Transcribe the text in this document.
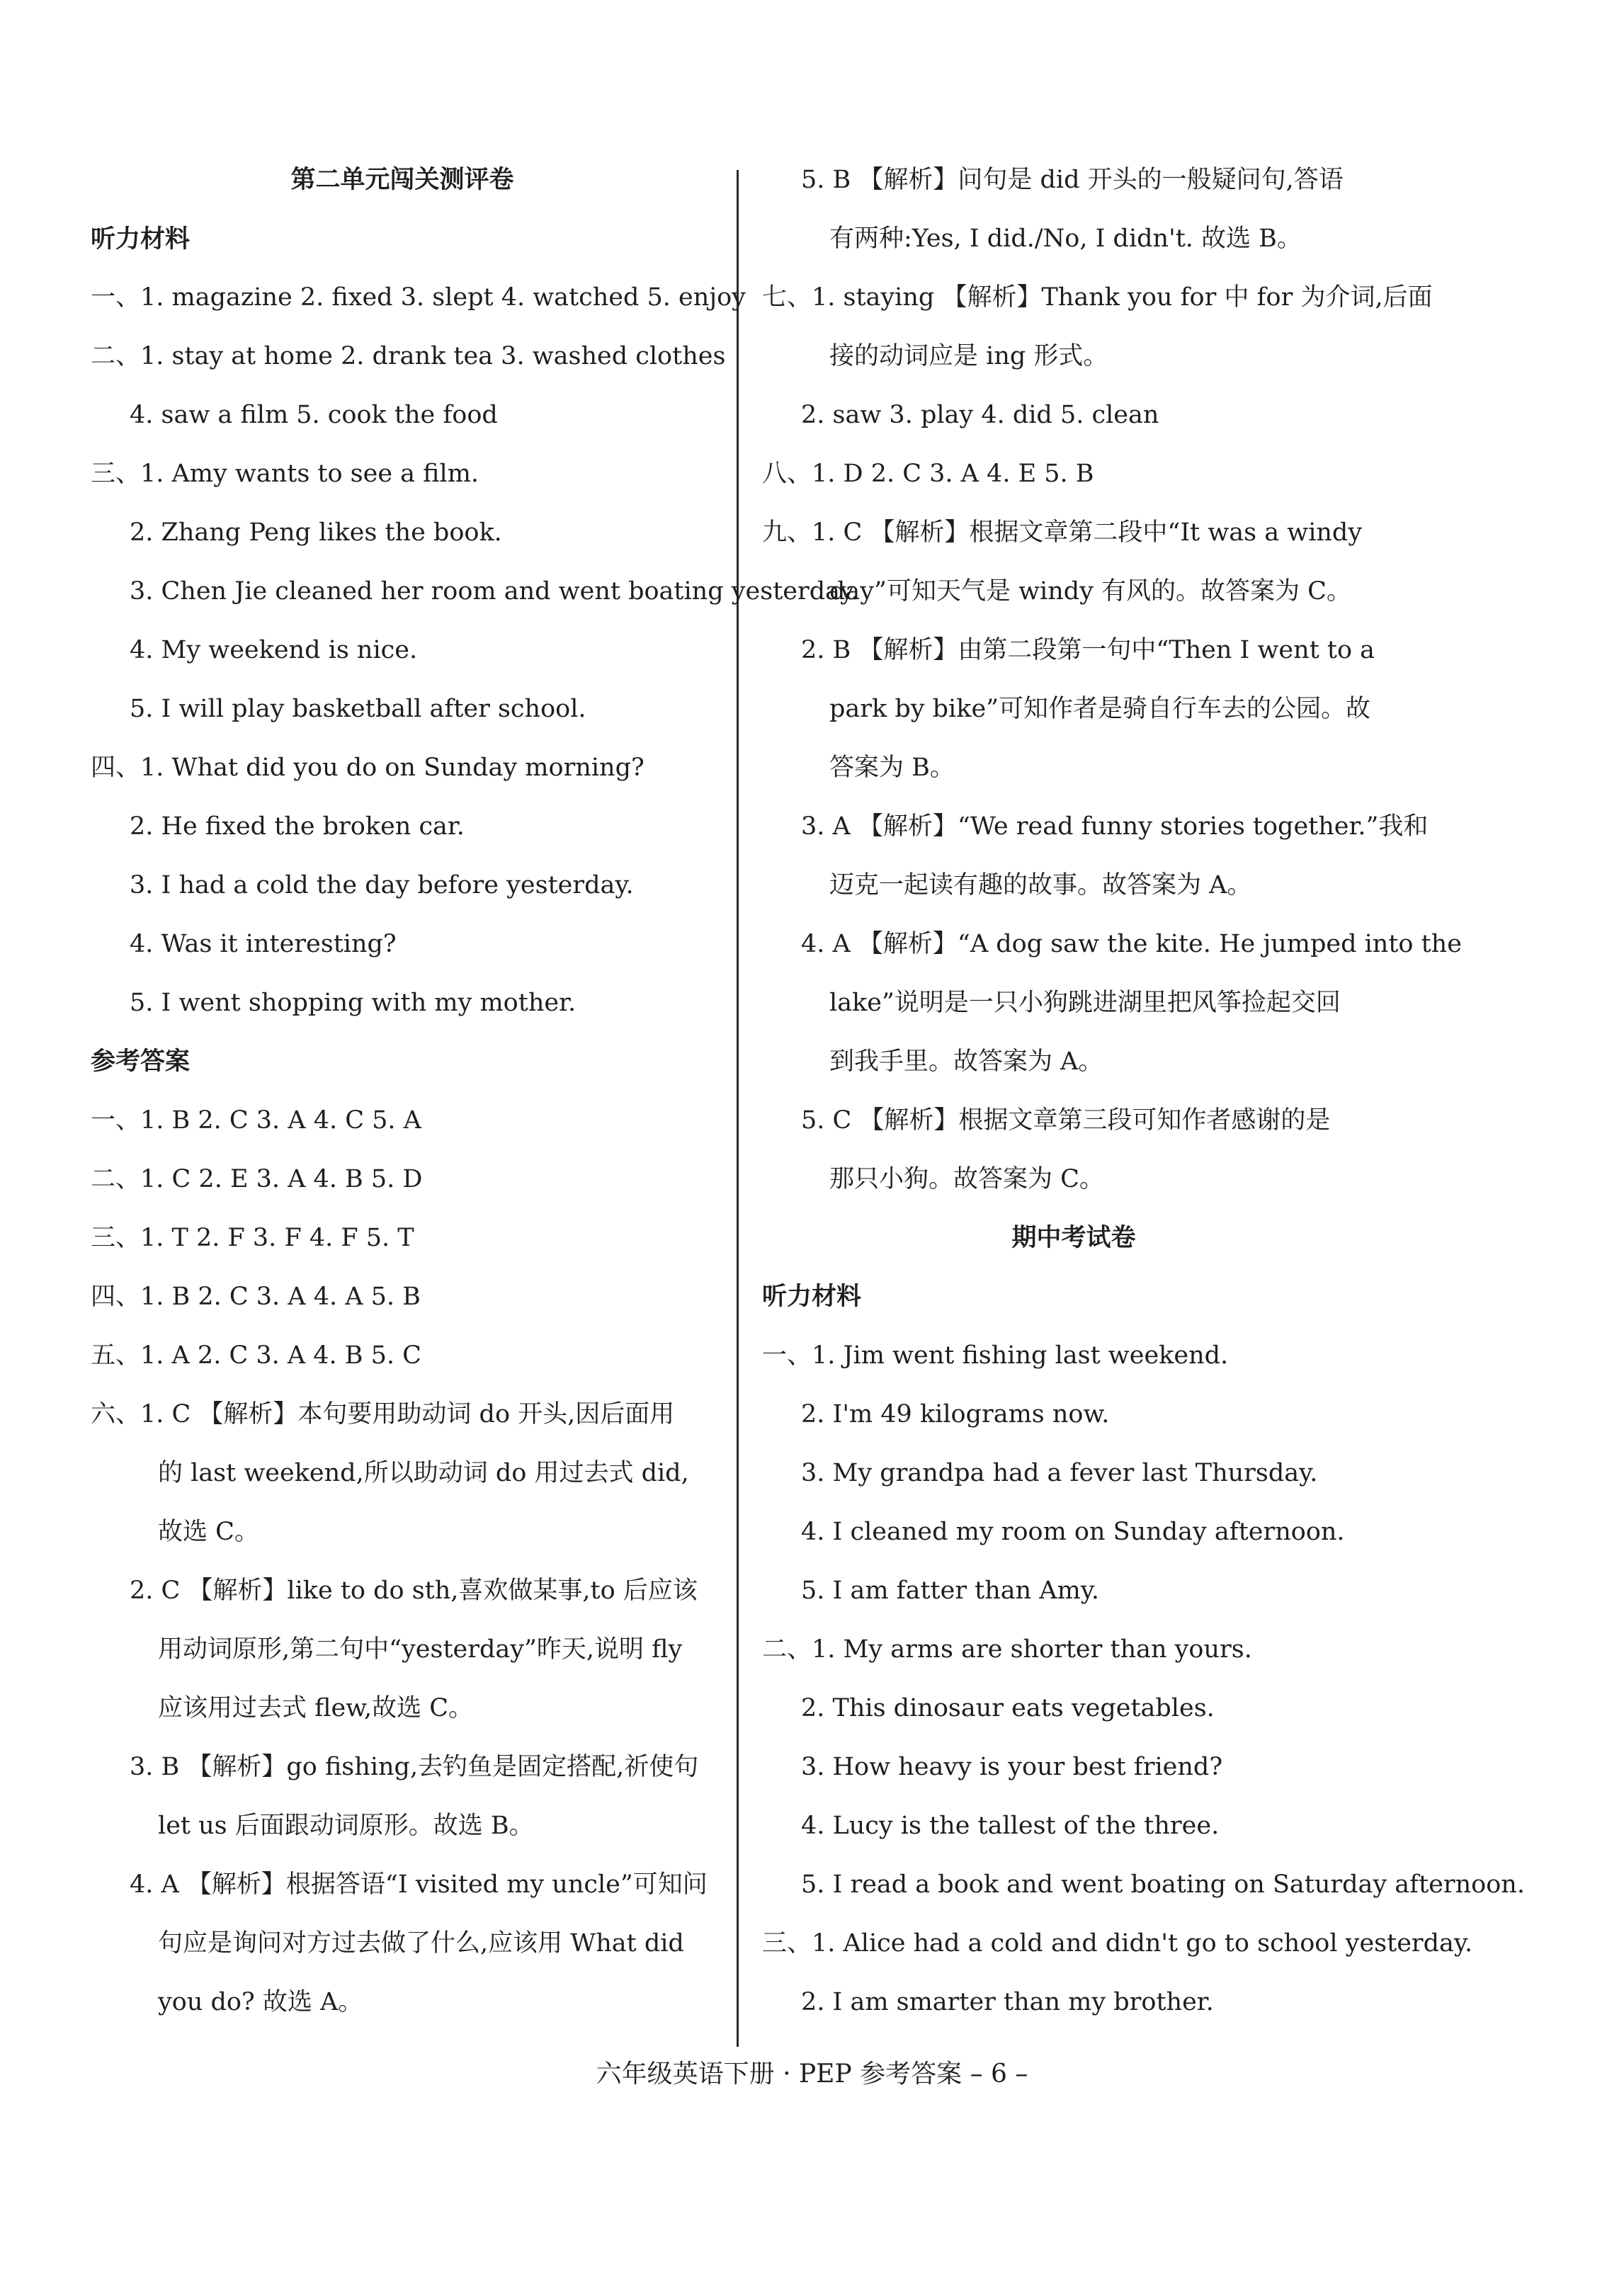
第二单元闯关测评卷
听力材料
一、1. magazine 2. fixed 3. slept 4. watched 5. enjoy
二、1. stay at home 2. drank tea 3. washed clothes
4. saw a film 5. cook the food
三、1. Amy wants to see a film.
2. Zhang Peng likes the book.
3. Chen Jie cleaned her room and went boating yesterday.
4. My weekend is nice.
5. I will play basketball after school.
四、1. What did you do on Sunday morning?
2. He fixed the broken car.
3. I had a cold the day before yesterday.
4. Was it interesting?
5. I went shopping with my mother.
参考答案
一、1. B 2. C 3. A 4. C 5. A
二、1. C 2. E 3. A 4. B 5. D
三、1. T 2. F 3. F 4. F 5. T
四、1. B 2. C 3. A 4. A 5. B
五、1. A 2. C 3. A 4. B 5. C
六、1. C 【解析】本句要用助动词 do 开头,因后面用
的 last weekend,所以助动词 do 用过去式 did,
故选 C。
2. C 【解析】like to do sth,喜欢做某事,to 后应该
用动词原形,第二句中“yesterday”昨天,说明 fly
应该用过去式 flew,故选 C。
3. B 【解析】go fishing,去钓鱼是固定搭配,祈使句
let us 后面跟动词原形。故选 B。
4. A 【解析】根据答语“I visited my uncle”可知问
句应是询问对方过去做了什么,应该用 What did
you do? 故选 A。
5. B 【解析】问句是 did 开头的一般疑问句,答语
有两种:Yes, I did./No, I didn't. 故选 B。
七、1. staying 【解析】Thank you for 中 for 为介词,后面
接的动词应是 ing 形式。
2. saw 3. play 4. did 5. clean
八、1. D 2. C 3. A 4. E 5. B
九、1. C 【解析】根据文章第二段中“It was a windy
day”可知天气是 windy 有风的。故答案为 C。
2. B 【解析】由第二段第一句中“Then I went to a
park by bike”可知作者是骑自行车去的公园。故
答案为 B。
3. A 【解析】“We read funny stories together.”我和
迈克一起读有趣的故事。故答案为 A。
4. A 【解析】“A dog saw the kite. He jumped into the
lake”说明是一只小狗跳进湖里把风筝捡起交回
到我手里。故答案为 A。
5. C 【解析】根据文章第三段可知作者感谢的是
那只小狗。故答案为 C。
期中考试卷
听力材料
一、1. Jim went fishing last weekend.
2. I'm 49 kilograms now.
3. My grandpa had a fever last Thursday.
4. I cleaned my room on Sunday afternoon.
5. I am fatter than Amy.
二、1. My arms are shorter than yours.
2. This dinosaur eats vegetables.
3. How heavy is your best friend?
4. Lucy is the tallest of the three.
5. I read a book and went boating on Saturday afternoon.
三、1. Alice had a cold and didn't go to school yesterday.
2. I am smarter than my brother.
六年级英语下册 · PEP 参考答案 – 6 –
